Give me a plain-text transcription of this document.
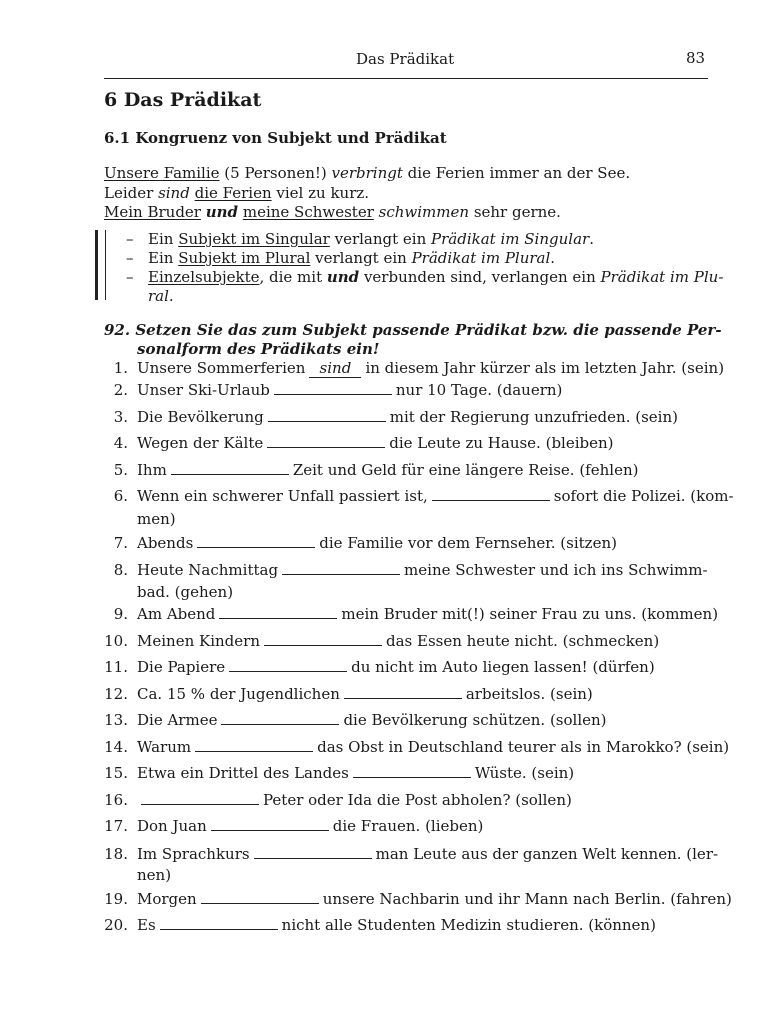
Das Prädikat	83
6 Das Prädikat
6.1 Kongruenz von Subjekt und Prädikat
Unsere Familie (5 Personen!) verbringt die Ferien immer an der See.
Leider sind die Ferien viel zu kurz.
Mein Bruder und meine Schwester schwimmen sehr gerne.
– Ein Subjekt im Singular verlangt ein Prädikat im Singular.
– Ein Subjekt im Plural verlangt ein Prädikat im Plural.
– Einzelsubjekte, die mit und verbunden sind, verlangen ein Prädikat im Plu-
ral.
92. Setzen Sie das zum Subjekt passende Prädikat bzw. die passende Per-
sonalform des Prädikats ein!
1. Unsere Sommerferien sind in diesem Jahr kürzer als im letzten Jahr. (sein)
2. Unser Ski-Urlaub	nur 10 Tage. (dauern)
3. Die Bevölkerung	mit der Regierung unzufrieden. (sein)
4. Wegen der Kälte	die Leute zu Hause. (bleiben)
5. Ihm	Zeit und Geld für eine längere Reise. (fehlen)
6. Wenn ein schwerer Unfall passiert ist,	sofort die Polizei. (kom-
men)
7. Abends	die Familie vor dem Fernseher. (sitzen)
8. Heute Nachmittag	meine Schwester und ich ins Schwimm-
bad. (gehen)
9. Am Abend	mein Bruder mit(!) seiner Frau zu uns. (kommen)
10. Meinen Kindern	das Essen heute nicht. (schmecken)
11. Die Papiere	du nicht im Auto liegen lassen! (dürfen)
12. Ca. 15 % der Jugendlichen	arbeitslos. (sein)
13. Die Armee	die Bevölkerung schützen. (sollen)
14. Warum	das Obst in Deutschland teurer als in Marokko? (sein)
15. Etwa ein Drittel des Landes	Wüste. (sein)
16.	Peter oder Ida die Post abholen? (sollen)
17. Don Juan	die Frauen. (lieben)
18. Im Sprachkurs	man Leute aus der ganzen Welt kennen. (ler-
nen)
19. Morgen	unsere Nachbarin und ihr Mann nach Berlin. (fahren)
20. Es	nicht alle Studenten Medizin studieren. (können)
